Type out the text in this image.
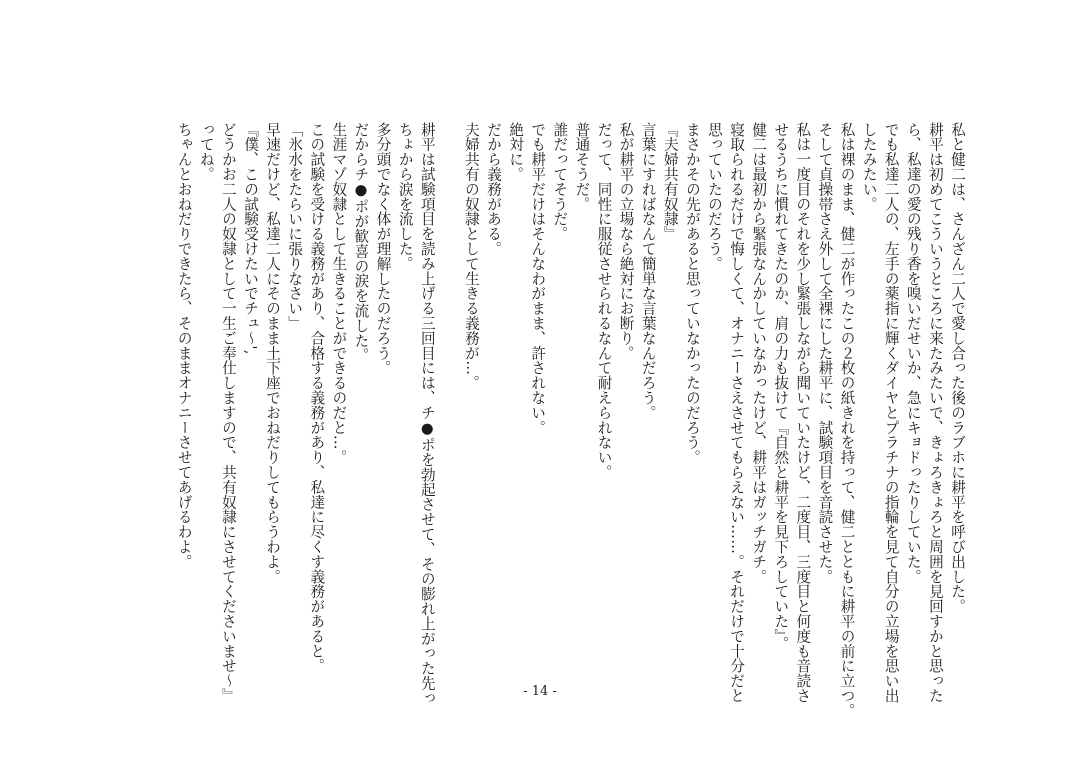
私と健二は、さんざん二人で愛し合った後のラブホに耕平を呼び出した。
耕平は初めてこういうところに来たみたいで、きょろきょろと周囲を見回すかと思った
ら、私達の愛の残り香を嗅いだせいか、急にキョドったりしていた。
でも私達二人の、左手の薬指に輝くダイヤとプラチナの指輪を見て自分の立場を思い出
したみたい。
私は裸のまま、健二が作ったこの２枚の紙きれを持って、健二とともに耕平の前に立つ。
そして貞操帯さえ外して全裸にした耕平に、試験項目を音読させた。
私は一度目のそれを少し緊張しながら聞いていたけど、二度目、三度目と何度も音読さ
せるうちに慣れてきたのか、肩の力も抜けて『自然と耕平を見下ろしていた』。
健二は最初から緊張なんかしていなかったけど、耕平はガッチガチ。
寝取られるだけで悔しくて、オナニーさえさせてもらえない……。それだけで十分だと
思っていたのだろう。
まさかその先があると思っていなかったのだろう。
『夫婦共有奴隷』
言葉にすればなんて簡単な言葉なんだろう。
私が耕平の立場なら絶対にお断り。
だって、同性に服従させられるなんて耐えられない。
普通そうだ。
誰だってそうだ。
でも耕平だけはそんなわがまま、許されない。
絶対に。
だから義務がある。
夫婦共有の奴隷として生きる義務が…。
耕平は試験項目を読み上げる三回目には、チ●ポを勃起させて、その膨れ上がった先っ
ちょから涙を流した。
多分頭でなく体が理解したのだろう。
だからチ●ポが歓喜の涙を流した。
生涯マゾ奴隷として生きることができるのだと…。
この試験を受ける義務があり、合格する義務があり、私達に尽くす義務があると。
「氷水をたらいに張りなさい」
早速だけど、私達二人にそのまま土下座でおねだりしてもらうわよ。
『僕、この試験受けたいでチュ～',
どうかお二人の奴隷として一生ご奉仕しますので、共有奴隷にさせてくださいませ～』
ってね。
ちゃんとおねだりできたら、そのままオナニーさせてあげるわよ。
- 14 -
